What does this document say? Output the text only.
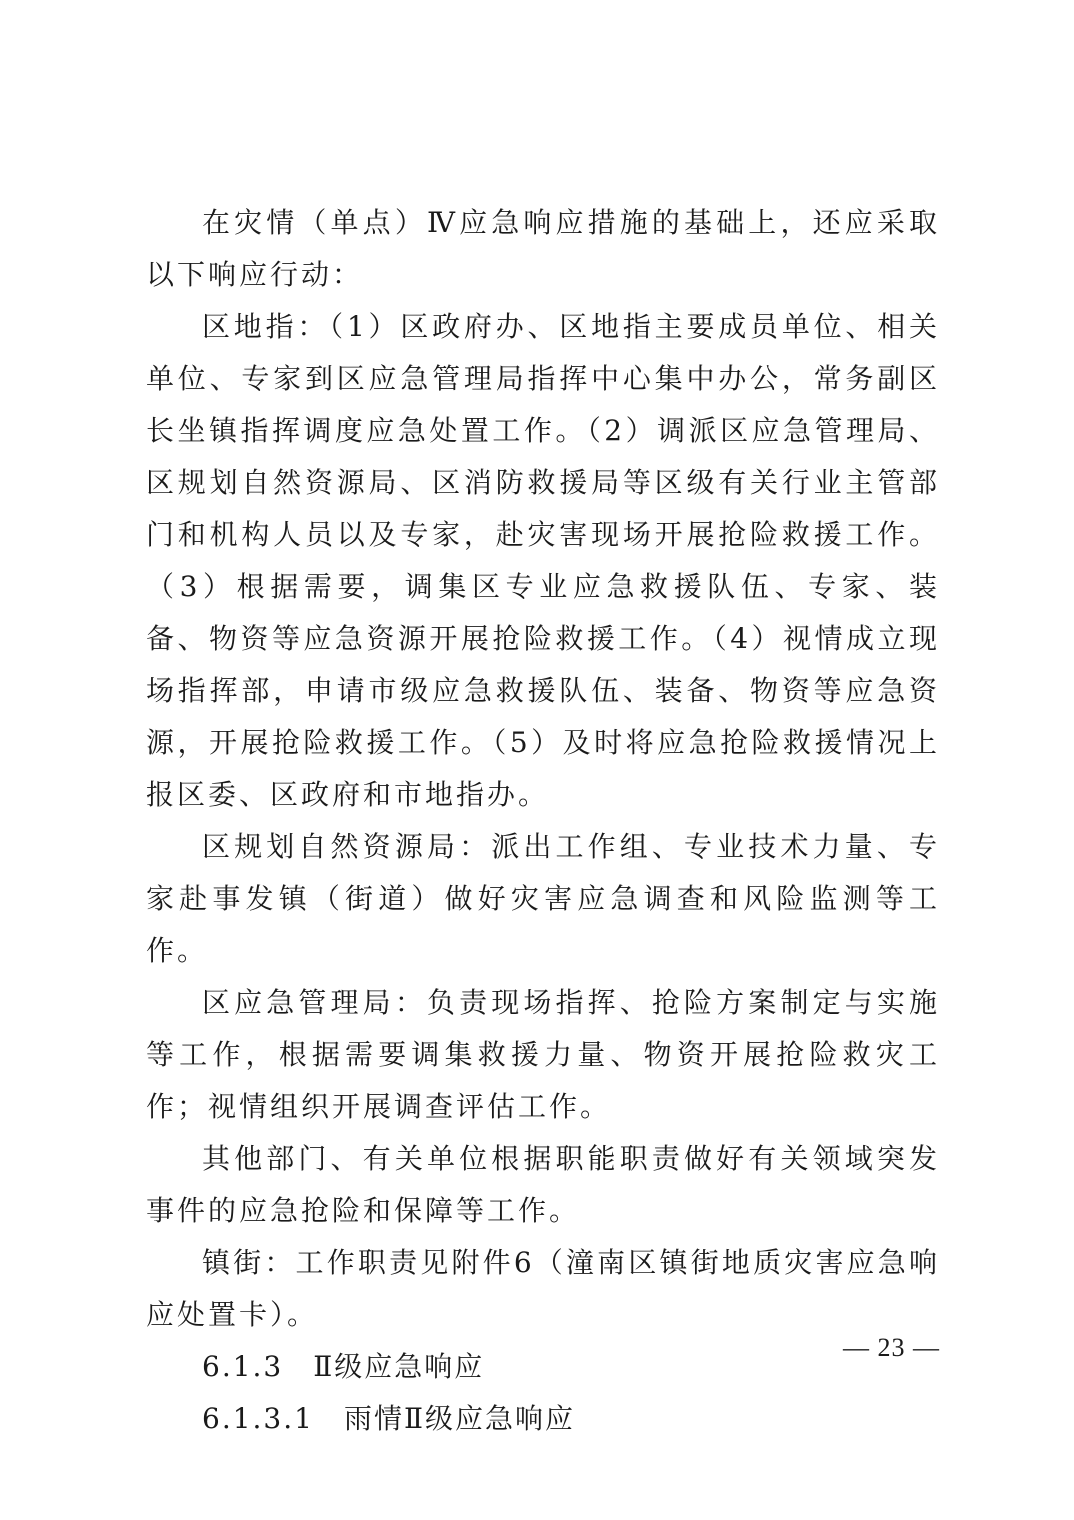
在灾情（单点）Ⅳ应急响应措施的基础上，还应采取以下响应行动：

区地指：（1）区政府办、区地指主要成员单位、相关单位、专家到区应急管理局指挥中心集中办公，常务副区长坐镇指挥调度应急处置工作。（2）调派区应急管理局、区规划自然资源局、区消防救援局等区级有关行业主管部门和机构人员以及专家，赴灾害现场开展抢险救援工作。（3）根据需要，调集区专业应急救援队伍、专家、装备、物资等应急资源开展抢险救援工作。（4）视情成立现场指挥部，申请市级应急救援队伍、装备、物资等应急资源，开展抢险救援工作。（5）及时将应急抢险救援情况上报区委、区政府和市地指办。

区规划自然资源局：派出工作组、专业技术力量、专家赴事发镇（街道）做好灾害应急调查和风险监测等工作。

区应急管理局：负责现场指挥、抢险方案制定与实施等工作，根据需要调集救援力量、物资开展抢险救灾工作；视情组织开展调查评估工作。

其他部门、有关单位根据职能职责做好有关领域突发事件的应急抢险和保障等工作。

镇街：工作职责见附件6（潼南区镇街地质灾害应急响应处置卡）。

6.1.3　Ⅱ级应急响应

6.1.3.1　雨情Ⅱ级应急响应

— 23 —
